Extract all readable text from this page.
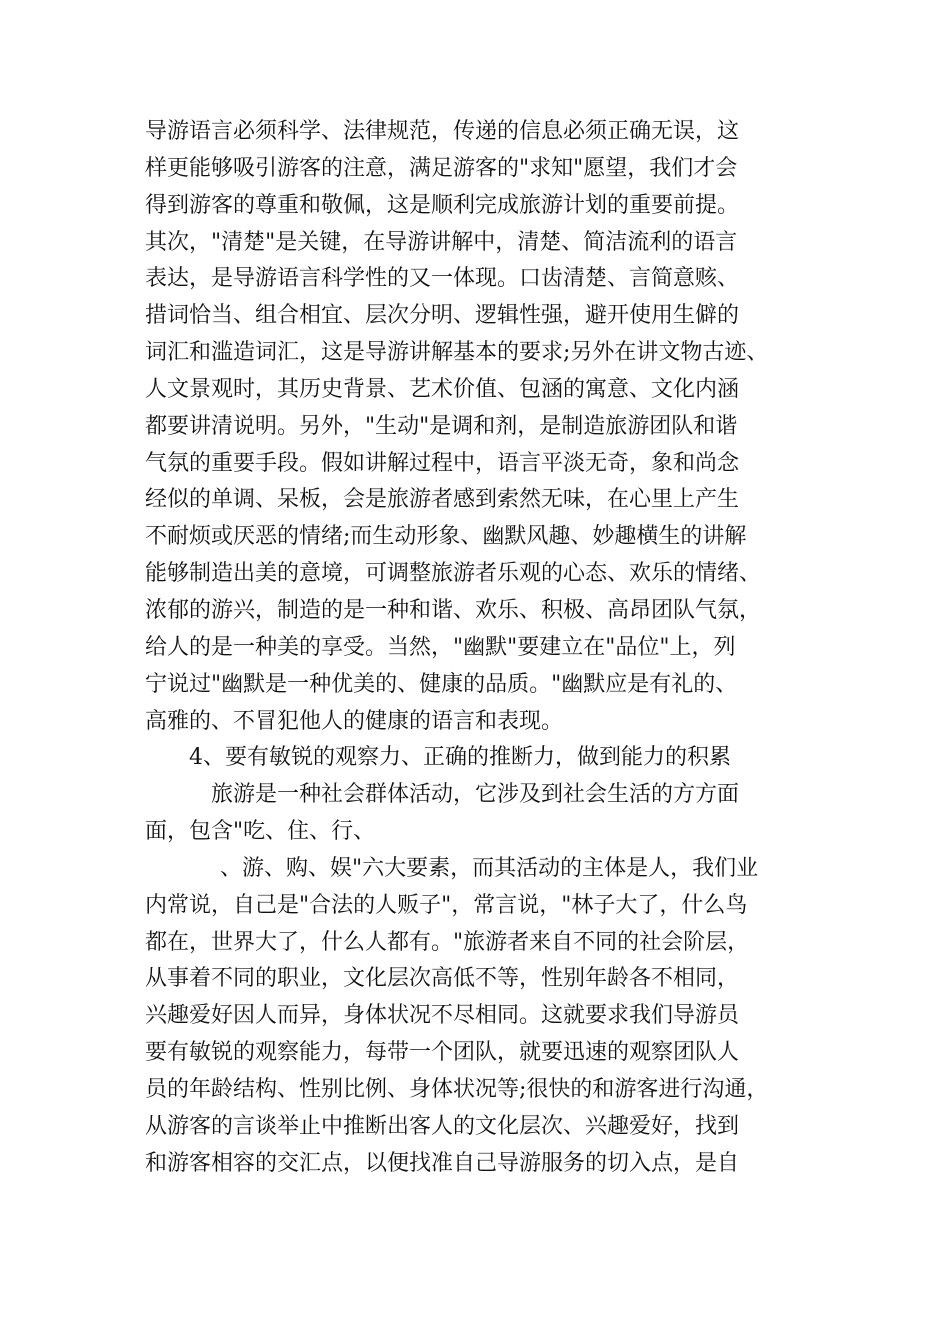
导游语言必须科学、法律规范，传递的信息必须正确无误，这
样更能够吸引游客的注意，满足游客的"求知"愿望，我们才会
得到游客的尊重和敬佩，这是顺利完成旅游计划的重要前提。
其次，"清楚"是关键，在导游讲解中，清楚、简洁流利的语言
表达，是导游语言科学性的又一体现。口齿清楚、言简意赅、
措词恰当、组合相宜、层次分明、逻辑性强，避开使用生僻的
词汇和滥造词汇，这是导游讲解基本的要求;另外在讲文物古迹、
人文景观时，其历史背景、艺术价值、包涵的寓意、文化内涵
都要讲清说明。另外，"生动"是调和剂，是制造旅游团队和谐
气氛的重要手段。假如讲解过程中，语言平淡无奇，象和尚念
经似的单调、呆板，会是旅游者感到索然无味，在心里上产生
不耐烦或厌恶的情绪;而生动形象、幽默风趣、妙趣横生的讲解
能够制造出美的意境，可调整旅游者乐观的心态、欢乐的情绪、
浓郁的游兴，制造的是一种和谐、欢乐、积极、高昂团队气氛，
给人的是一种美的享受。当然，"幽默"要建立在"品位"上，列
宁说过"幽默是一种优美的、健康的品质。"幽默应是有礼的、
高雅的、不冒犯他人的健康的语言和表现。
4、要有敏锐的观察力、正确的推断力，做到能力的积累
旅游是一种社会群体活动，它涉及到社会生活的方方面
面，包含"吃、住、行、
、游、购、娱"六大要素，而其活动的主体是人，我们业
内常说，自己是"合法的人贩子"，常言说，"林子大了，什么鸟
都在，世界大了，什么人都有。"旅游者来自不同的社会阶层，
从事着不同的职业，文化层次高低不等，性别年龄各不相同，
兴趣爱好因人而异，身体状况不尽相同。这就要求我们导游员
要有敏锐的观察能力，每带一个团队，就要迅速的观察团队人
员的年龄结构、性别比例、身体状况等;很快的和游客进行沟通，
从游客的言谈举止中推断出客人的文化层次、兴趣爱好，找到
和游客相容的交汇点，以便找准自己导游服务的切入点，是自
